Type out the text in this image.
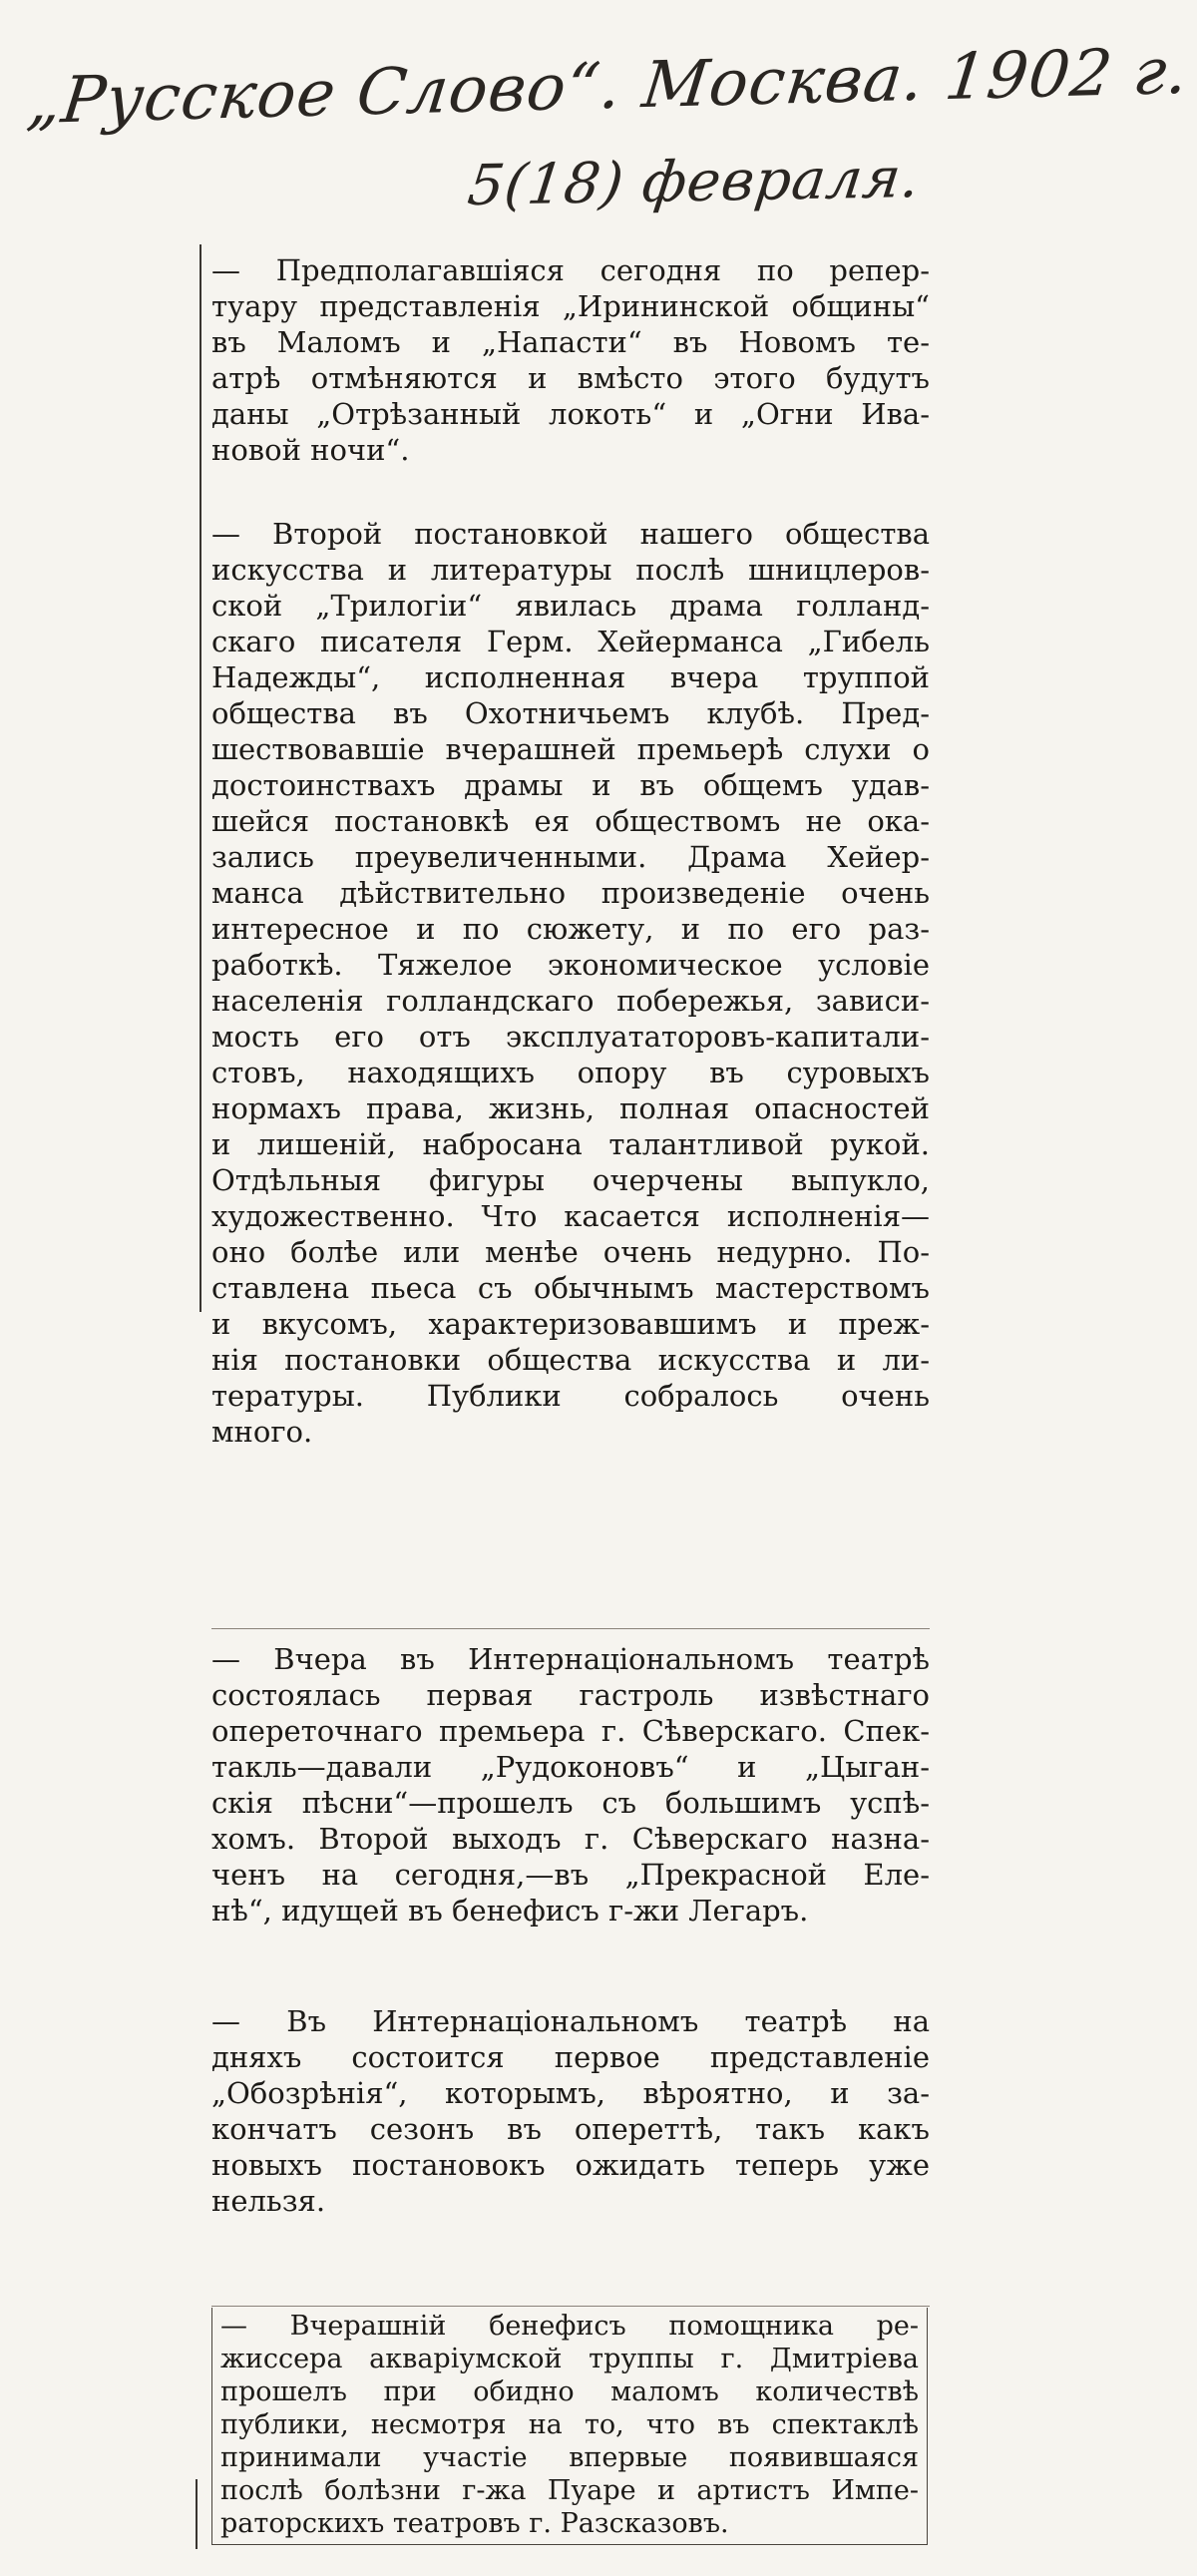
„Русское Слово“. Москва. 1902 г.
5(18) февраля.
— Предполагавшіяся сегодня по репер-
туару представленія „Ирининской общины“
въ Маломъ и „Напасти“ въ Новомъ те-
атрѣ отмѣняются и вмѣсто этого будутъ
даны „Отрѣзанный локоть“ и „Огни Ива-
новой ночи“.
— Второй постановкой нашего общества
искусства и литературы послѣ шницлеров-
ской „Трилогіи“ явилась драма голланд-
скаго писателя Герм. Хейерманса „Гибель
Надежды“, исполненная вчера труппой
общества въ Охотничьемъ клубѣ. Пред-
шествовавшіе вчерашней премьерѣ слухи о
достоинствахъ драмы и въ общемъ удав-
шейся постановкѣ ея обществомъ не ока-
зались преувеличенными. Драма Хейер-
манса дѣйствительно произведеніе очень
интересное и по сюжету, и по его раз-
работкѣ. Тяжелое экономическое условіе
населенія голландскаго побережья, зависи-
мость его отъ эксплуататоровъ-капитали-
стовъ, находящихъ опору въ суровыхъ
нормахъ права, жизнь, полная опасностей
и лишеній, набросана талантливой рукой.
Отдѣльныя фигуры очерчены выпукло,
художественно. Что касается исполненія—
оно болѣе или менѣе очень недурно. По-
ставлена пьеса съ обычнымъ мастерствомъ
и вкусомъ, характеризовавшимъ и преж-
нія постановки общества искусства и ли-
тературы. Публики собралось очень
много.
— Вчера въ Интернаціональномъ театрѣ
состоялась первая гастроль извѣстнаго
опереточнаго премьера г. Сѣверскаго. Спек-
такль—давали „Рудоконовъ“ и „Цыган-
скія пѣсни“—прошелъ съ большимъ успѣ-
хомъ. Второй выходъ г. Сѣверскаго назна-
ченъ на сегодня,—въ „Прекрасной Еле-
нѣ“, идущей въ бенефисъ г-жи Легаръ.
— Въ Интернаціональномъ театрѣ на
дняхъ состоится первое представленіе
„Обозрѣнія“, которымъ, вѣроятно, и за-
кончатъ сезонъ въ опереттѣ, такъ какъ
новыхъ постановокъ ожидать теперь уже
нельзя.
— Вчерашній бенефисъ помощника ре-
жиссера акваріумской труппы г. Дмитріева
прошелъ при обидно маломъ количествѣ
публики, несмотря на то, что въ спектаклѣ
принимали участіе впервые появившаяся
послѣ болѣзни г-жа Пуаре и артистъ Импе-
раторскихъ театровъ г. Разсказовъ.
